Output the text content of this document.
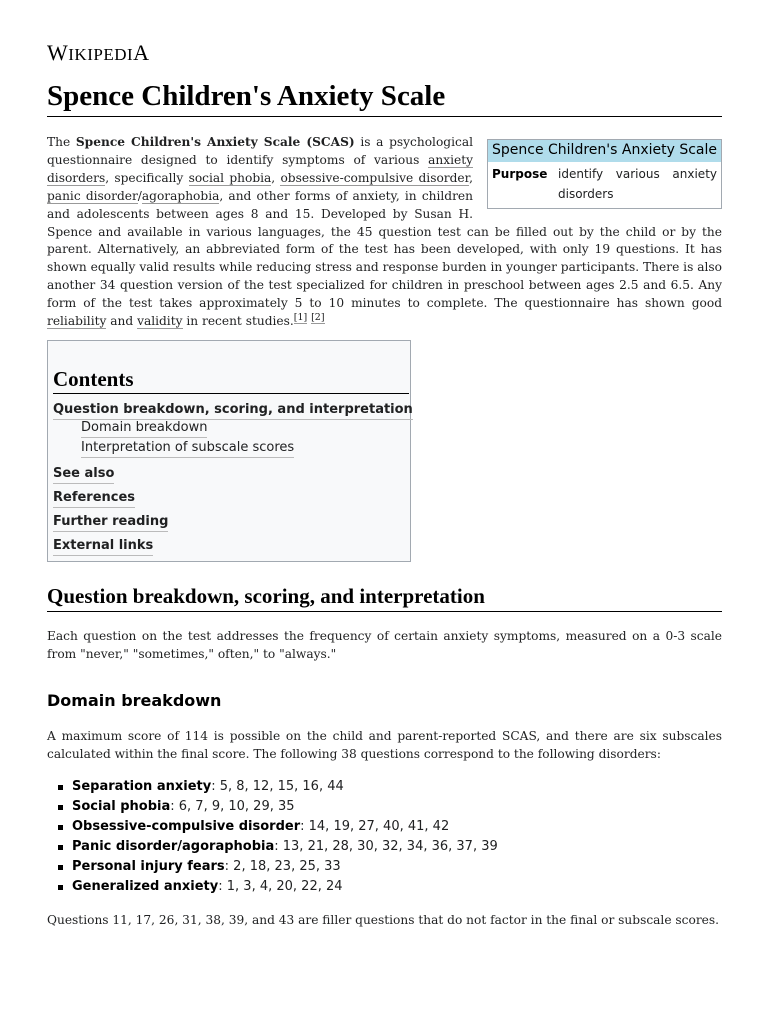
WIKIPEDIA
Spence Children's Anxiety Scale
Spence Children's Anxiety Scale
Purpose identify various anxiety disorders
The Spence Children's Anxiety Scale (SCAS) is a psychological questionnaire designed to identify symptoms of various anxiety disorders, specifically social phobia, obsessive-compulsive disorder, panic disorder/agoraphobia, and other forms of anxiety, in children and adolescents between ages 8 and 15. Developed by Susan H. Spence and available in various languages, the 45 question test can be filled out by the child or by the parent. Alternatively, an abbreviated form of the test has been developed, with only 19 questions. It has shown equally valid results while reducing stress and response burden in younger participants. There is also another 34 question version of the test specialized for children in preschool between ages 2.5 and 6.5. Any form of the test takes approximately 5 to 10 minutes to complete. The questionnaire has shown good reliability and validity in recent studies.[1] [2]
Contents
Question breakdown, scoring, and interpretation
Domain breakdown
Interpretation of subscale scores
See also
References
Further reading
External links
Question breakdown, scoring, and interpretation

Each question on the test addresses the frequency of certain anxiety symptoms, measured on a 0-3 scale from "never," "sometimes," often," to "always."

Domain breakdown

A maximum score of 114 is possible on the child and parent-reported SCAS, and there are six subscales calculated within the final score. The following 38 questions correspond to the following disorders:

Separation anxiety: 5, 8, 12, 15, 16, 44
Social phobia: 6, 7, 9, 10, 29, 35
Obsessive-compulsive disorder: 14, 19, 27, 40, 41, 42
Panic disorder/agoraphobia: 13, 21, 28, 30, 32, 34, 36, 37, 39
Personal injury fears: 2, 18, 23, 25, 33
Generalized anxiety: 1, 3, 4, 20, 22, 24

Questions 11, 17, 26, 31, 38, 39, and 43 are filler questions that do not factor in the final or subscale scores.
